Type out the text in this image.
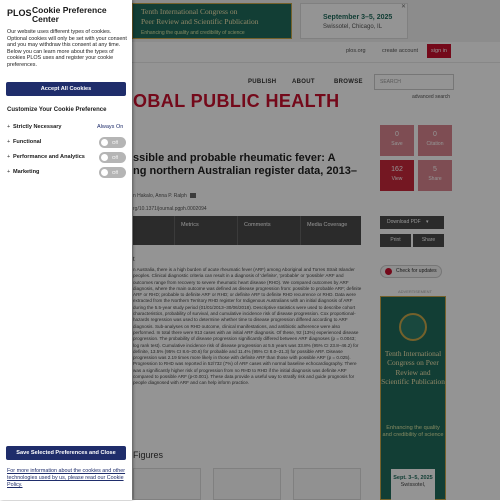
Tenth International Congress on
Peer Review and Scientific Publication
Enhancing the quality and credibility of science
September 3–5, 2025
Swissotel, Chicago, IL
✕
plos.org	create account	sign in
PUBLISH	ABOUT	BROWSE	SEARCH
advanced search
OBAL PUBLIC HEALTH
ssible and probable rheumatic fever: A
ng northern Australian register data, 2013–
n Hakalo, Anna P. Ralph
rg/10.1371/journal.pgph.0002094
Metrics	Comments	Media Coverage
t
n Australia, there is a high burden of acute rheumatic fever (ARF) among Aboriginal and Torres Strait Islander peoples. Clinical diagnostic criteria can result in a diagnosis of 'definite', 'probable' or 'possible' ARF and outcomes range from recovery to severe rheumatic heart disease (RHD). We compared outcomes by ARF diagnosis, where the main outcome was defined as disease progression from: possible to probable ARF; definite ARF or RHD; probable to definite ARF or RHD; or definite ARF to definite RHD recurrence or RHD. Data were extracted from the Northern Territory RHD register for Indigenous Australians with an initial diagnosis of ARF during the 5.5-year study period (01/01/2013–30/06/2018). Descriptive statistics were used to describe cohort characteristics, probability of survival, and cumulative incidence risk of disease progression. Cox proportional-hazards regression was used to determine whether time to disease progression differed according to ARF diagnosis. Sub-analyses on RHD outcome, clinical manifestations, and antibiotic adherence were also performed. In total there were 913 cases with an initial ARF diagnosis. Of these, 92 (13%) experienced disease progression. The probability of disease progression significantly differed between ARF diagnoses (p = 0.0043; log rank test). Cumulative incidence risk of disease progression at 5.5 years was 33.8% (95% CI 23.8–46.2) for definite, 13.5% (95% CI 8.6–20.6) for probable and 11.4% (95% CI 8.0–21.3) for possible ARF. Disease progression was 2.19 times more likely in those with definite ARF than those with possible ARF (p = 0.025). Progression to RHD was reported in 52/732 (7%) of ARF cases with normal baseline echocardiography. There was a significantly higher risk of progression from no RHD to RHD if the initial diagnosis was definite ARF compared to possible ARF (p<0.001). These data provide a useful way to stratify risk and guide prognosis for people diagnosed with ARF and can help inform practice.
Figures
0
Save
0
Citation
162
View
5
Share
Download PDF ▾
Print	Share
Check for updates
ADVERTISEMENT
Tenth International Congress on Peer Review and Scientific Publication
Enhancing the quality and credibility of science
Sept. 3–5, 2025
Swissotel,
PLOS Cookie Preference Center
Our website uses different types of cookies. Optional cookies will only be set with your consent and you may withdraw this consent at any time. Below you can learn more about the types of cookies PLOS uses and register your cookie preferences.
Accept All Cookies
Customize Your Cookie Preference
+ Strictly Necessary	Always On
+ Functional	Off
+ Performance and Analytics	Off
+ Marketing	Off
Save Selected Preferences and Close
For more information about the cookies and other technologies used by us, please read our Cookie Policy.
